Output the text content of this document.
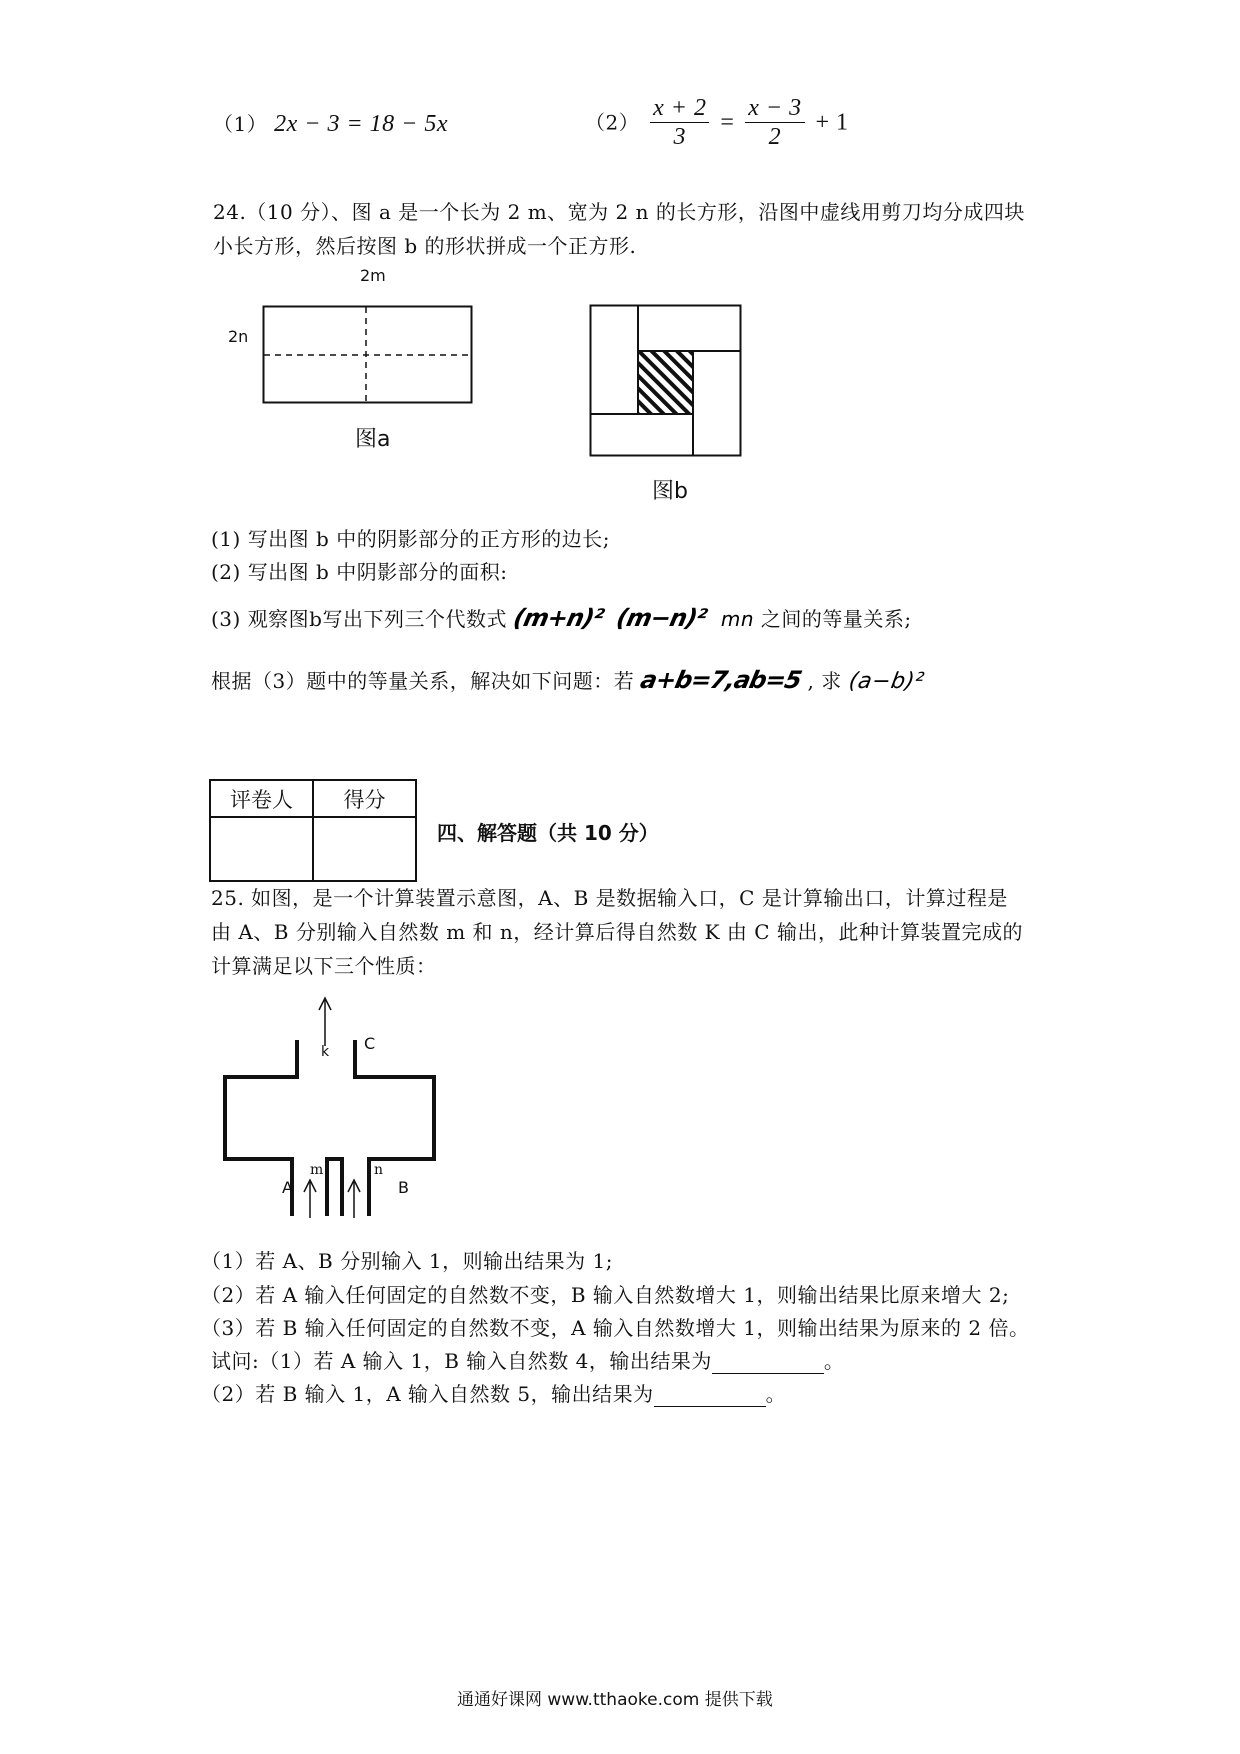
（1） 2x − 3 = 18 − 5x	$(2) \frac{x + 2}{3} = \frac{x - 3}{2} + 1$
24.（10 分）、图 a 是一个长为 2 m、宽为 2 n 的长方形，沿图中虚线用剪刀均分成四块
小长方形，然后按图 b 的形状拼成一个正方形.
2m
2n
图a
图b
(1) 写出图 b 中的阴影部分的正方形的边长;
(2) 写出图 b 中阴影部分的面积:
(3) 观察图b写出下列三个代数式 (m+n)² (m−n)² mn 之间的等量关系;
根据（3）题中的等量关系，解决如下问题：若 a+b=7,ab=5 , 求 (a−b)²
评卷人	得分

四、解答题（共 10 分）
25. 如图，是一个计算装置示意图，A、B 是数据输入口，C 是计算输出口，计算过程是
由 A、B 分别输入自然数 m 和 n，经计算后得自然数 K 由 C 输出，此种计算装置完成的
计算满足以下三个性质：
k C
m	n
A	B
（1）若 A、B 分别输入 1，则输出结果为 1;
（2）若 A 输入任何固定的自然数不变，B 输入自然数增大 1，则输出结果比原来增大 2;
（3）若 B 输入任何固定的自然数不变，A 输入自然数增大 1，则输出结果为原来的 2 倍。
试问:（1）若 A 输入 1，B 输入自然数 4，输出结果为	。
（2）若 B 输入 1，A 输入自然数 5，输出结果为	。
通通好课网 www.tthaoke.com 提供下载
